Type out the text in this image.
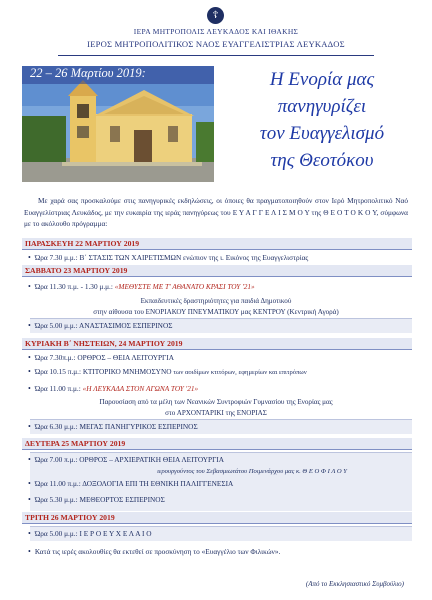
☦
ΙΕΡΑ ΜΗΤΡΟΠΟΛΙΣ ΛΕΥΚΑΔΟΣ ΚΑΙ ΙΘΑΚΗΣ
ΙΕΡΟΣ ΜΗΤΡΟΠΟΛΙΤΙΚΟΣ ΝΑΟΣ ΕΥΑΓΓΕΛΙΣΤΡΙΑΣ ΛΕΥΚΑΔΟΣ
22 – 26 Μαρτίου 2019:	Η Ενορία μας
πανηγυρίζει
τον Ευαγγελισμό
της Θεοτόκου

Με χαρά σας προσκαλούμε στις πανηγυρικές εκδηλώσεις, οι όποιες θα πραγματοποιηθούν στον Ιερό Μητροπολιτικό Ναό Ευαγγελίστριας Λευκάδος, με την ευκαιρία της ιεράς πανηγύρεως του Ε Υ Α Γ Γ Ε Λ Ι Σ Μ Ο Υ της Θ Ε Ο Τ Ο Κ Ο Υ, σύμφωνα με το ακόλουθο πρόγραμμα:

ΠΑΡΑΣΚΕΥΗ 22 ΜΑΡΤΙΟΥ 2019
• Ώρα 7.30 μ.μ.: Β΄ ΣΤΑΣΙΣ ΤΩΝ ΧΑΙΡΕΤΙΣΜΩΝ ενώπιον της ι. Εικόνος της Ευαγγελιστρίας
ΣΑΒΒΑΤΟ 23 ΜΑΡΤΙΟΥ 2019
• Ώρα 11.30 π.μ. - 1.30 μ.μ.: «ΜΕΘΥΣΤΕ ΜΕ Τ' ΑΘΑΝΑΤΟ ΚΡΑΣΙ ΤΟΥ '21»
Εκπαιδευτικές δραστηριότητες για παιδιά Δημοτικού
στην αίθουσα του ΕΝΟΡΙΑΚΟΥ ΠΝΕΥΜΑΤΙΚΟΥ μας ΚΕΝΤΡΟΥ (Κεντρική Αγορά)
• Ώρα 5.00 μ.μ.: ΑΝΑΣΤΑΣΙΜΟΣ ΕΣΠΕΡΙΝΟΣ
ΚΥΡΙΑΚΗ Β΄ ΝΗΣΤΕΙΩΝ, 24 ΜΑΡΤΙΟΥ 2019
• Ώρα 7.30π.μ.: ΟΡΘΡΟΣ – ΘΕΙΑ ΛΕΙΤΟΥΡΓΙΑ
• Ώρα 10.15 π.μ.: ΚΤΙΤΟΡΙΚΟ ΜΝΗΜΟΣΥΝΟ των αοιδίμων κτιτόρων, εφημερίων και επιτρόπων
• Ώρα 11.00 π.μ.: «Η ΛΕΥΚΑΔΑ ΣΤΟΝ ΑΓΩΝΑ ΤΟΥ '21»
Παρουσίαση από τα μέλη των Νεανικών Συντροφιών Γυμνασίου της Ενορίας μας
στο ΑΡΧΟΝΤΑΡΙΚΙ της ΕΝΟΡΙΑΣ
• Ώρα 6.30 μ.μ.: ΜΕΓΑΣ ΠΑΝΗΓΥΡΙΚΟΣ ΕΣΠΕΡΙΝΟΣ
ΔΕΥΤΕΡΑ 25 ΜΑΡΤΙΟΥ 2019
• Ώρα 7.00 π.μ.: ΟΡΘΡΟΣ – ΑΡΧΙΕΡΑΤΙΚΗ ΘΕΙΑ ΛΕΙΤΟΥΡΓΙΑ
ιερουργούντος του Σεβασμιωτάτου Ποιμενάρχου μας κ. Θ Ε Ο Φ Ι Λ Ο Υ
• Ώρα 11.00 π.μ.: ΔΟΞΟΛΟΓΙΑ ΕΠΙ ΤΗ ΕΘΝΙΚΗ ΠΑΛΙΓΓΕΝΕΣΙΑ
• Ώρα 5.30 μ.μ.: ΜΕΘΕΟΡΤΟΣ ΕΣΠΕΡΙΝΟΣ
ΤΡΙΤΗ 26 ΜΑΡΤΙΟΥ 2019
• Ώρα 5.00 μ.μ.: Ι Ε Ρ Ο Ε Υ Χ Ε Λ Α Ι Ο
• Κατά τις ιερές ακολουθίες θα εκτεθεί σε προσκύνηση το «Ευαγγέλιο των Φιλικών».
(Από το Εκκλησιαστικό Συμβούλιο)
